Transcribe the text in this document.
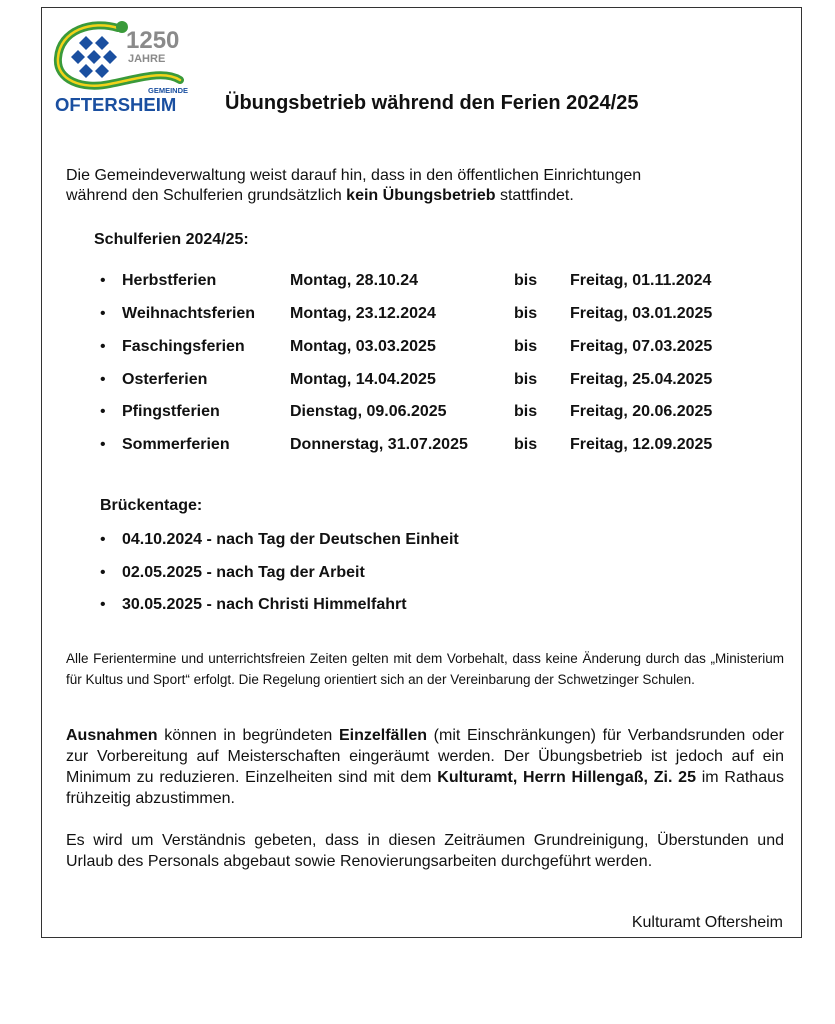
1250
JAHRE
GEMEINDE
OFTERSHEIM Übungsbetrieb während den Ferien 2024/25

Die Gemeindeverwaltung weist darauf hin, dass in den öffentlichen Einrichtungen
während den Schulferien grundsätzlich kein Übungsbetrieb stattfindet.

Schulferien 2024/25:

• Herbstferien	Montag, 28.10.24	bis Freitag, 01.11.2024
• Weihnachtsferien Montag, 23.12.2024	bis Freitag, 03.01.2025
• Faschingsferien	Montag, 03.03.2025	bis Freitag, 07.03.2025
• Osterferien	Montag, 14.04.2025	bis Freitag, 25.04.2025
• Pfingstferien	Dienstag, 09.06.2025	bis Freitag, 20.06.2025
• Sommerferien	Donnerstag, 31.07.2025	bis Freitag, 12.09.2025

Brückentage:

• 04.10.2024 - nach Tag der Deutschen Einheit
• 02.05.2025 - nach Tag der Arbeit
• 30.05.2025 - nach Christi Himmelfahrt

Alle Ferientermine und unterrichtsfreien Zeiten gelten mit dem Vorbehalt, dass keine Änderung durch das „Ministerium für Kultus und Sport“ erfolgt. Die Regelung orientiert sich an der Vereinbarung der Schwetzinger Schulen.

Ausnahmen können in begründeten Einzelfällen (mit Einschränkungen) für Verbandsrunden oder zur Vorbereitung auf Meisterschaften eingeräumt werden. Der Übungsbetrieb ist jedoch auf ein Minimum zu reduzieren. Einzelheiten sind mit dem Kulturamt, Herrn Hillengaß, Zi. 25 im Rathaus frühzeitig abzustimmen.

Es wird um Verständnis gebeten, dass in diesen Zeiträumen Grundreinigung, Überstunden und Urlaub des Personals abgebaut sowie Renovierungsarbeiten durchgeführt werden.

Kulturamt Oftersheim
